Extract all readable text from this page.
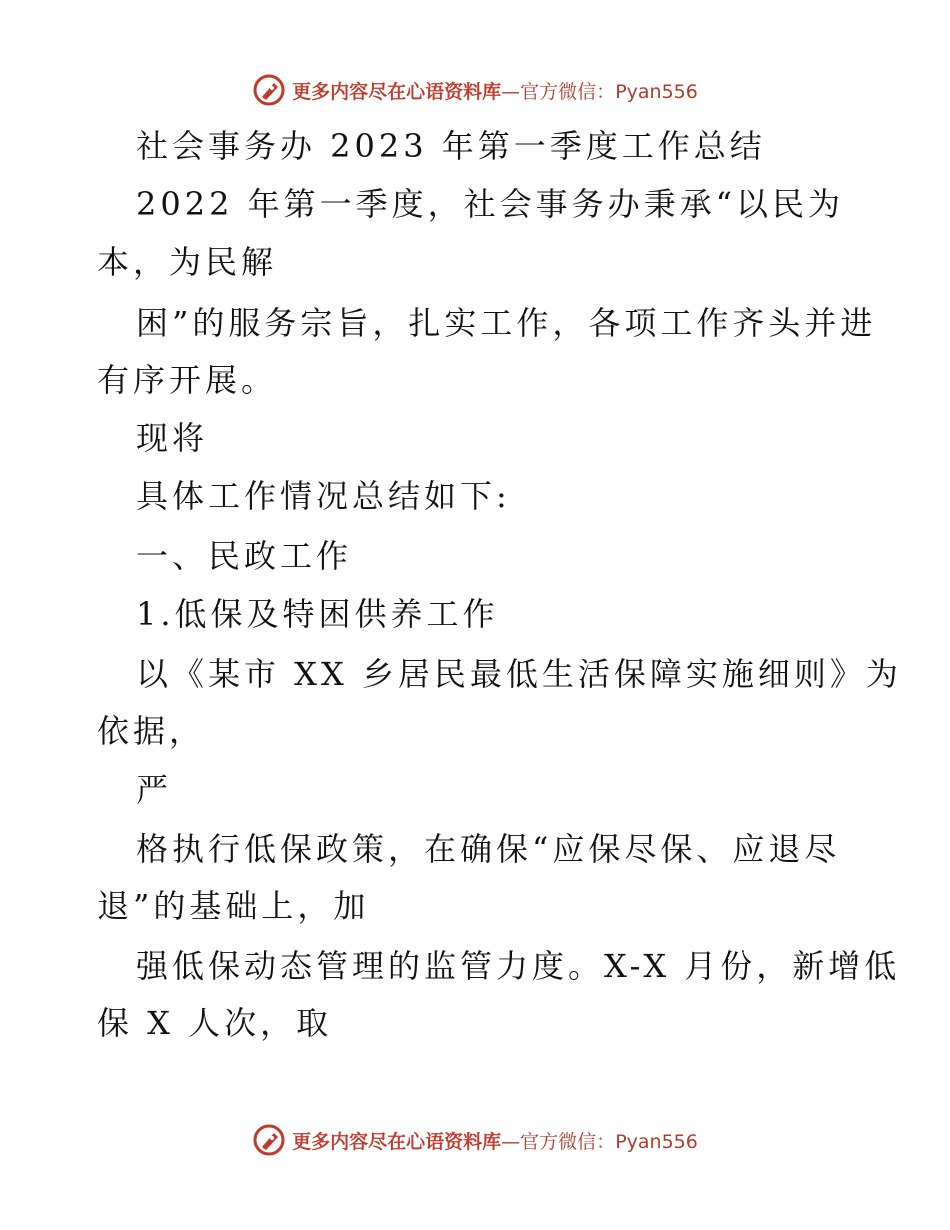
更多内容尽在心语资料库—官方微信：Pyan556
社会事务办 2023 年第一季度工作总结
2022 年第一季度，社会事务办秉承“以民为
本，为民解
困”的服务宗旨，扎实工作，各项工作齐头并进
有序开展。
现将
具体工作情况总结如下:
一、民政工作
1.低保及特困供养工作
以《某市 XX 乡居民最低生活保障实施细则》为
依据，
严
格执行低保政策，在确保“应保尽保、应退尽
退”的基础上，加
强低保动态管理的监管力度。X-X 月份，新增低
保 X 人次，取
更多内容尽在心语资料库—官方微信：Pyan556
